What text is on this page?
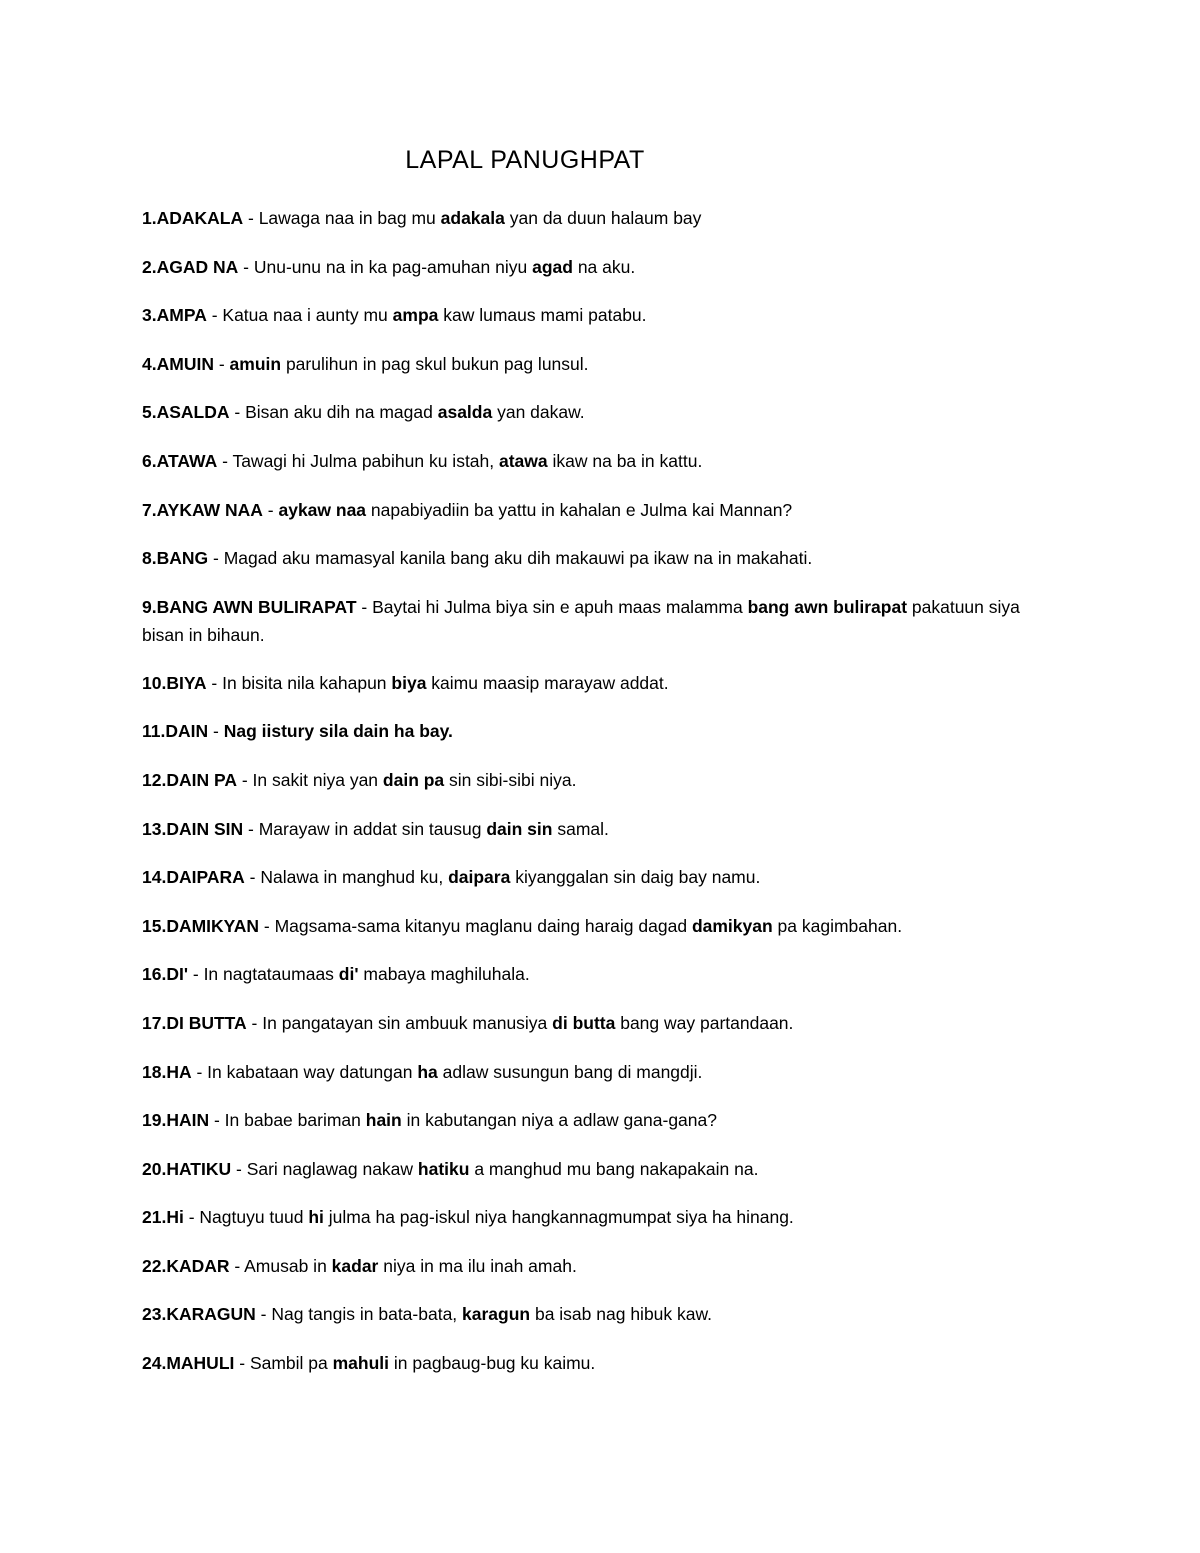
LAPAL PANUGHPAT
1.ADAKALA - Lawaga naa in bag mu adakala yan da duun halaum bay
2.AGAD NA - Unu-unu na in ka pag-amuhan niyu agad na aku.
3.AMPA - Katua naa i aunty mu ampa kaw lumaus mami patabu.
4.AMUIN - amuin parulihun in pag skul bukun pag lunsul.
5.ASALDA - Bisan aku dih na magad asalda yan dakaw.
6.ATAWA - Tawagi hi Julma pabihun ku istah, atawa ikaw na ba in kattu.
7.AYKAW NAA - aykaw naa napabiyadiin ba yattu in kahalan e Julma kai Mannan?
8.BANG - Magad aku mamasyal kanila bang aku dih makauwi pa ikaw na in makahati.
9.BANG AWN BULIRAPAT - Baytai hi Julma biya sin e apuh maas malamma bang awn bulirapat pakatuun siya bisan in bihaun.
10.BIYA - In bisita nila kahapun biya kaimu maasip marayaw addat.
11.DAIN - Nag iistury sila dain ha bay.
12.DAIN PA - In sakit niya yan dain pa sin sibi-sibi niya.
13.DAIN SIN - Marayaw in addat sin tausug dain sin samal.
14.DAIPARA - Nalawa in manghud ku, daipara kiyanggalan sin daig bay namu.
15.DAMIKYAN - Magsama-sama kitanyu maglanu daing haraig dagad damikyan pa kagimbahan.
16.DI' - In nagtataumaas di' mabaya maghiluhala.
17.DI BUTTA - In pangatayan sin ambuuk manusiya di butta bang way partandaan.
18.HA - In kabataan way datungan ha adlaw susungun bang di mangdji.
19.HAIN - In babae bariman hain in kabutangan niya a adlaw gana-gana?
20.HATIKU - Sari naglawag nakaw hatiku a manghud mu bang nakapakain na.
21.Hi - Nagtuyu tuud hi julma ha pag-iskul niya hangkannagmumpat siya ha hinang.
22.KADAR - Amusab in kadar niya in ma ilu inah amah.
23.KARAGUN - Nag tangis in bata-bata, karagun ba isab nag hibuk kaw.
24.MAHULI - Sambil pa mahuli in pagbaug-bug ku kaimu.
